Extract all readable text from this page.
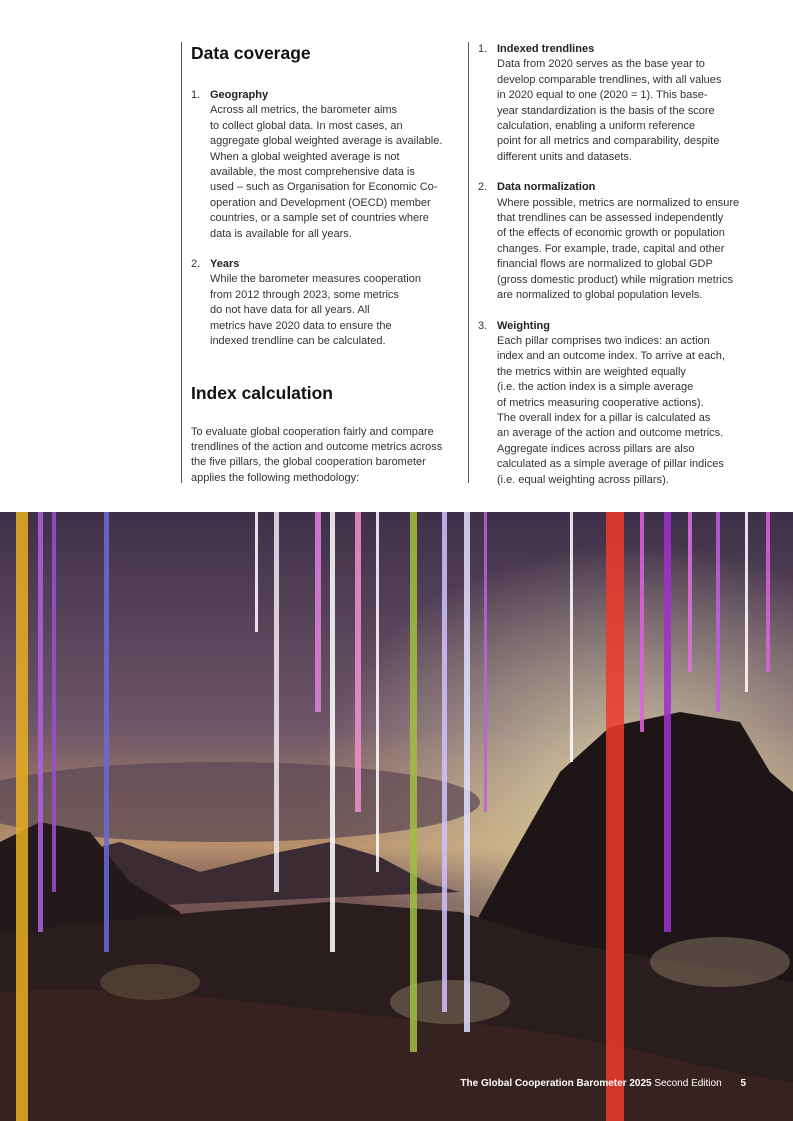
Data coverage
1. Geography
Across all metrics, the barometer aims
to collect global data. In most cases, an
aggregate global weighted average is available.
When a global weighted average is not
available, the most comprehensive data is
used – such as Organisation for Economic Co-
operation and Development (OECD) member
countries, or a sample set of countries where
data is available for all years.
2. Years
While the barometer measures cooperation
from 2012 through 2023, some metrics
do not have data for all years. All
metrics have 2020 data to ensure the
indexed trendline can be calculated.
Index calculation
To evaluate global cooperation fairly and compare
trendlines of the action and outcome metrics across
the five pillars, the global cooperation barometer
applies the following methodology:
1. Indexed trendlines
Data from 2020 serves as the base year to
develop comparable trendlines, with all values
in 2020 equal to one (2020 = 1). This base-
year standardization is the basis of the score
calculation, enabling a uniform reference
point for all metrics and comparability, despite
different units and datasets.
2. Data normalization
Where possible, metrics are normalized to ensure
that trendlines can be assessed independently
of the effects of economic growth or population
changes. For example, trade, capital and other
financial flows are normalized to global GDP
(gross domestic product) while migration metrics
are normalized to global population levels.
3. Weighting
Each pillar comprises two indices: an action
index and an outcome index. To arrive at each,
the metrics within are weighted equally
(i.e. the action index is a simple average
of metrics measuring cooperative actions).
The overall index for a pillar is calculated as
an average of the action and outcome metrics.
Aggregate indices across pillars are also
calculated as a simple average of pillar indices
(i.e. equal weighting across pillars).
The Global Cooperation Barometer 2025 Second Edition 5
